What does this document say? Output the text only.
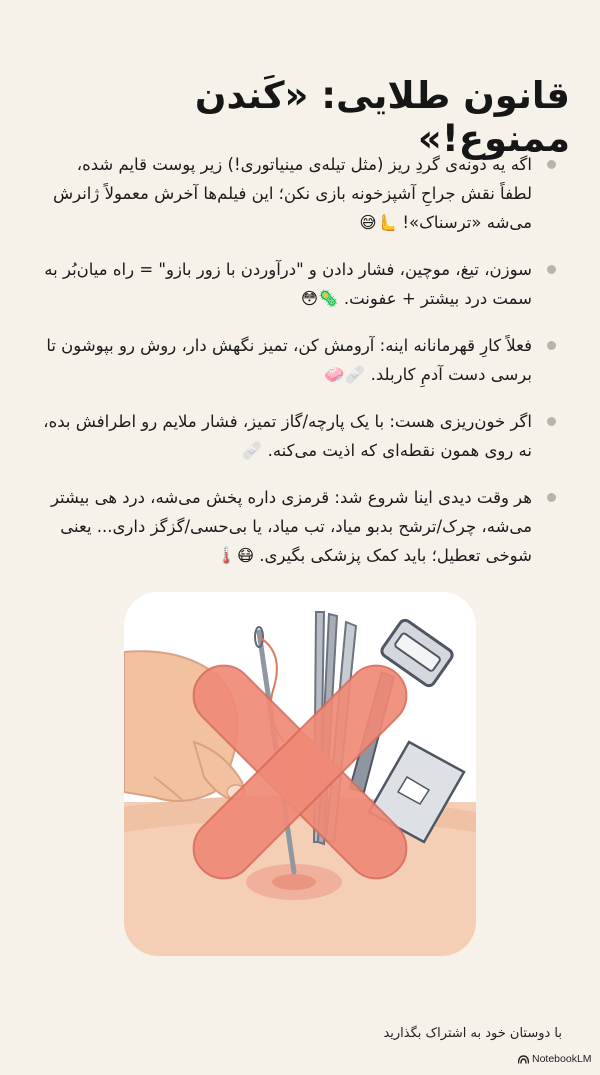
قانون طلایی: «کَندن ممنوع!»
اگه یه دونه‌ی گردِ ریز (مثل تیله‌ی مینیاتوری!) زیر پوست قایم شده، لطفاً نقش جراحِ آشپزخونه بازی نکن؛ این فیلم‌ها آخرش معمولاً ژانرش می‌شه «ترسناک»! 🫷😅
سوزن، تیغ، موچین، فشار دادن و "درآوردن با زور بازو" = راه میان‌بُر به سمت درد بیشتر + عفونت. 🦠😳
فعلاً کارِ قهرمانانه اینه: آرومش کن، تمیز نگهش دار، روش رو بپوشون تا برسی دست آدمِ کاربلد. 🩹🧼
اگر خون‌ریزی هست: با یک پارچه/گاز تمیز، فشار ملایم رو اطرافش بده، نه روی همون نقطه‌ای که اذیت می‌کنه. 🩹
هر وقت دیدی اینا شروع شد: قرمزی داره پخش می‌شه، درد هی بیشتر می‌شه، چرک/ترشح بدبو میاد، تب میاد، یا بی‌حسی/گزگز داری... یعنی شوخی تعطیل؛ باید کمک پزشکی بگیری. 😷🌡️
با دوستان خود به اشتراک بگذارید
NotebookLM
